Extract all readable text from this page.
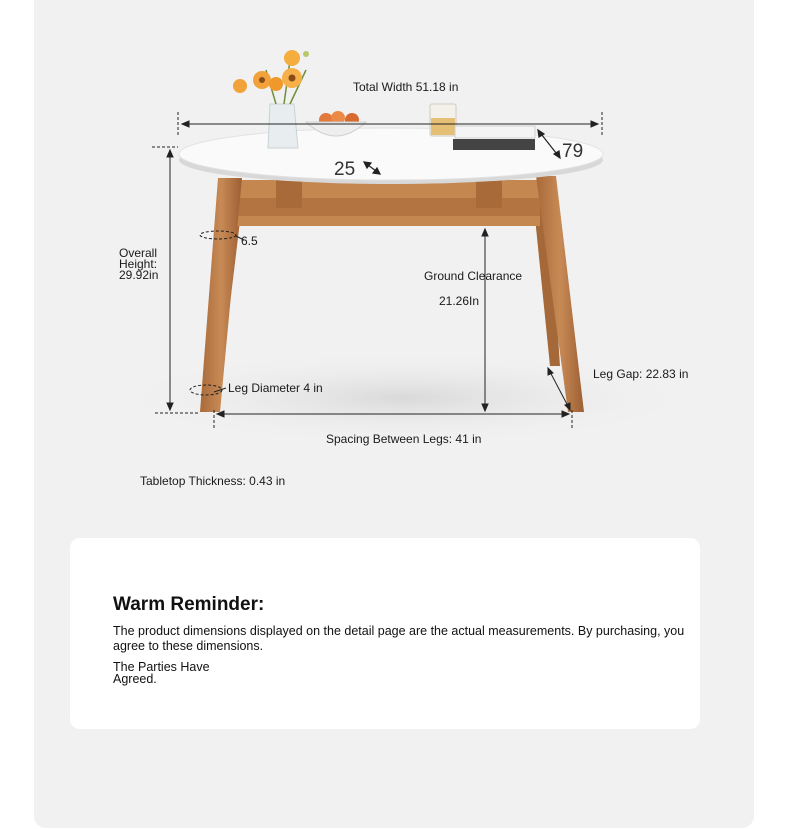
Total Width 51.18 in
25
79
6.5
Overall Height: 29.92in	Ground Clearance
21.26In
Leg Gap: 22.83 in
Leg Diameter 4 in
Spacing Between Legs: 41 in
Tabletop Thickness: 0.43 in
Warm Reminder:
The product dimensions displayed on the detail page are the actual measurements. By purchasing, you agree to these dimensions.
The Parties Have Agreed.
